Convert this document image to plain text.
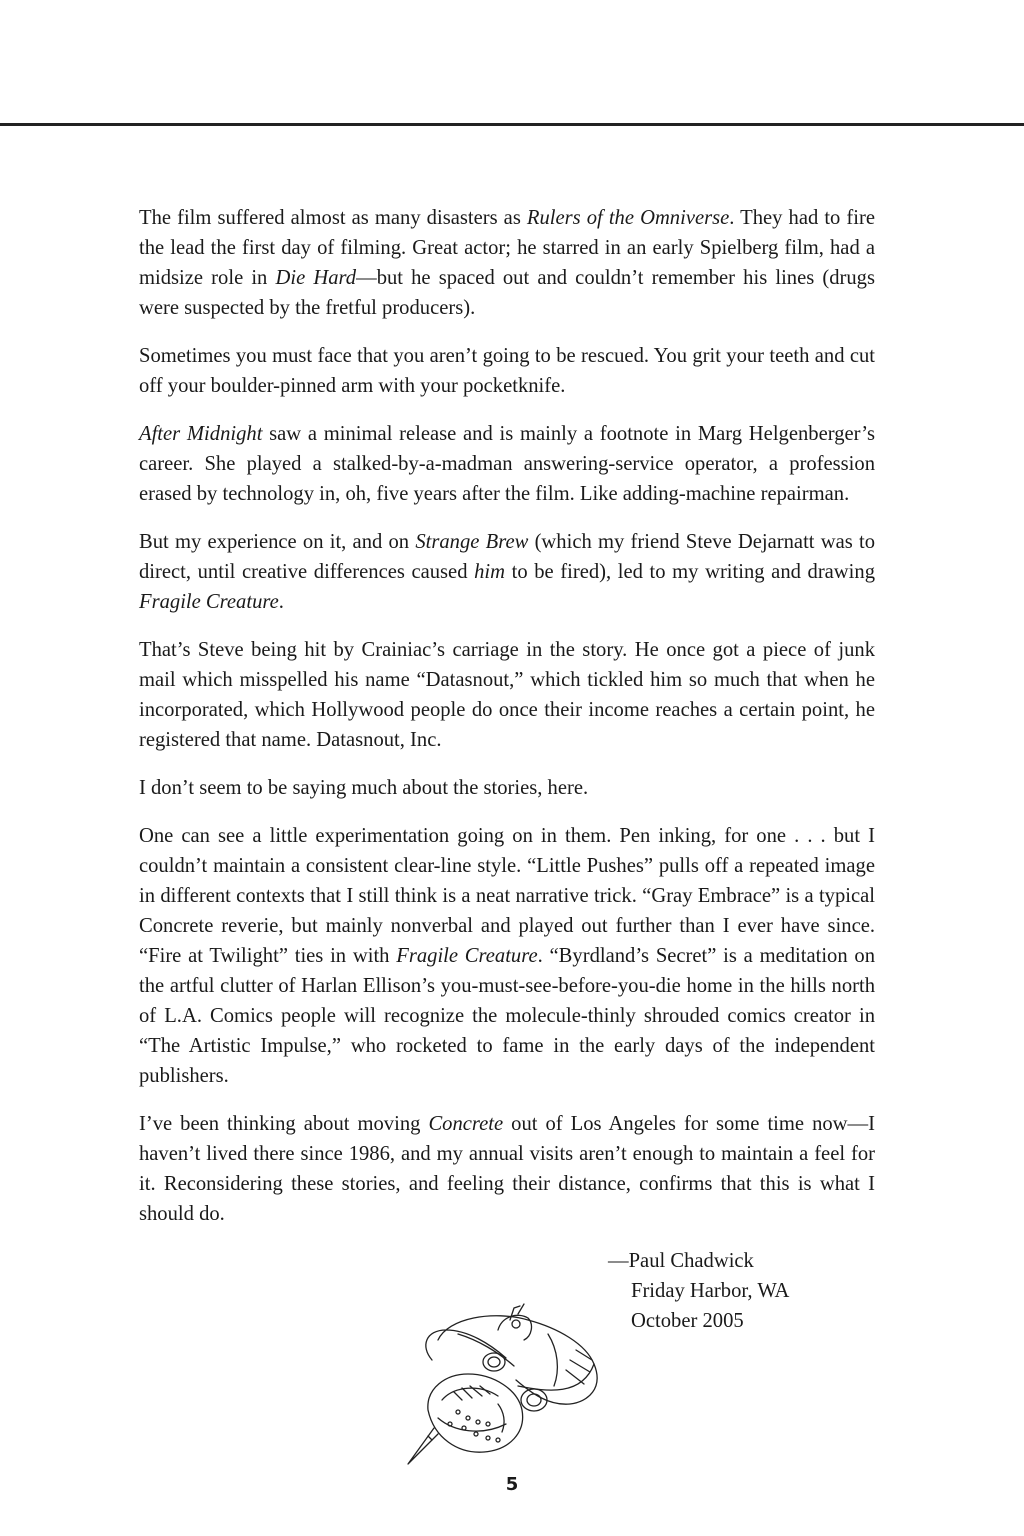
The film suffered almost as many disasters as Rulers of the Omniverse. They had to fire the lead the first day of filming. Great actor; he starred in an early Spielberg film, had a midsize role in Die Hard—but he spaced out and couldn’t remember his lines (drugs were suspected by the fretful producers).

Sometimes you must face that you aren’t going to be rescued. You grit your teeth and cut off your boulder-pinned arm with your pocketknife.

After Midnight saw a minimal release and is mainly a footnote in Marg Helgenberger’s career. She played a stalked-by-a-madman answering-service operator, a profession erased by technology in, oh, five years after the film. Like adding-machine repairman.

But my experience on it, and on Strange Brew (which my friend Steve Dejarnatt was to direct, until creative differences caused him to be fired), led to my writing and drawing Fragile Creature.

That’s Steve being hit by Crainiac’s carriage in the story. He once got a piece of junk mail which misspelled his name “Datasnout,” which tickled him so much that when he incorporated, which Hollywood people do once their income reaches a certain point, he registered that name. Datasnout, Inc.

I don’t seem to be saying much about the stories, here.

One can see a little experimentation going on in them. Pen inking, for one . . . but I couldn’t maintain a consistent clear-line style. “Little Pushes” pulls off a repeated image in different contexts that I still think is a neat narrative trick. “Gray Embrace” is a typical Concrete reverie, but mainly nonverbal and played out further than I ever have since. “Fire at Twilight” ties in with Fragile Creature. “Byrdland’s Secret” is a meditation on the artful clutter of Harlan Ellison’s you-must-see-before-you-die home in the hills north of L.A. Comics people will recognize the molecule-thinly shrouded comics creator in “The Artistic Impulse,” who rocketed to fame in the early days of the independent publishers.

I’ve been thinking about moving Concrete out of Los Angeles for some time now—I haven’t lived there since 1986, and my annual visits aren’t enough to maintain a feel for it. Reconsidering these stories, and feeling their distance, confirms that this is what I should do.

—Paul Chadwick
Friday Harbor, WA
October 2005
5
